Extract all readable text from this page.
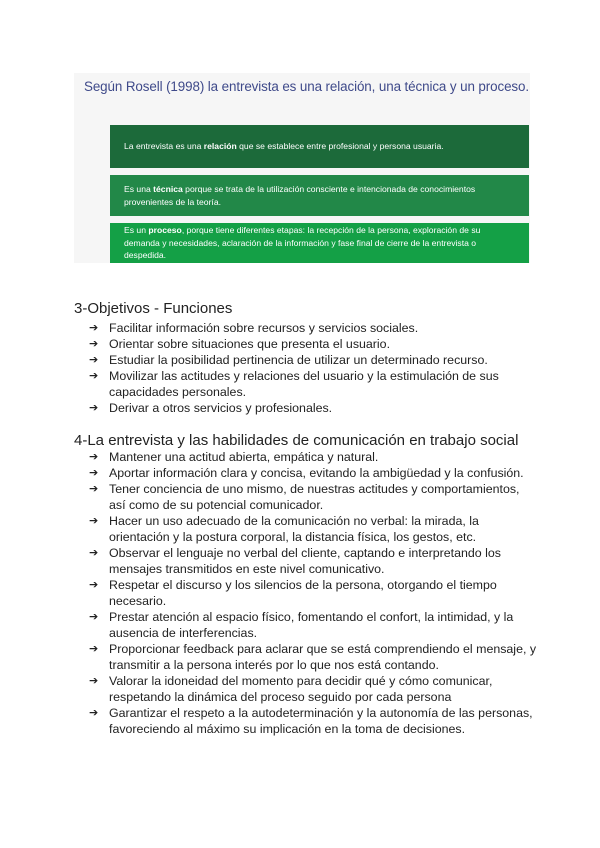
Según Rosell (1998) la entrevista es una relación, una técnica y un proceso.
La entrevista es una relación que se establece entre profesional y persona usuaria.
Es una técnica porque se trata de la utilización consciente e intencionada de conocimientos provenientes de la teoría.
Es un proceso, porque tiene diferentes etapas: la recepción de la persona, exploración de su demanda y necesidades, aclaración de la información y fase final de cierre de la entrevista o despedida.
3-Objetivos - Funciones
➔ Facilitar información sobre recursos y servicios sociales.
➔ Orientar sobre situaciones que presenta el usuario.
➔ Estudiar la posibilidad pertinencia de utilizar un determinado recurso.
➔ Movilizar las actitudes y relaciones del usuario y la estimulación de sus capacidades personales.
➔ Derivar a otros servicios y profesionales.
4-La entrevista y las habilidades de comunicación en trabajo social
➔ Mantener una actitud abierta, empática y natural.
➔ Aportar información clara y concisa, evitando la ambigüedad y la confusión.
➔ Tener conciencia de uno mismo, de nuestras actitudes y comportamientos, así como de su potencial comunicador.
➔ Hacer un uso adecuado de la comunicación no verbal: la mirada, la orientación y la postura corporal, la distancia física, los gestos, etc.
➔ Observar el lenguaje no verbal del cliente, captando e interpretando los mensajes transmitidos en este nivel comunicativo.
➔ Respetar el discurso y los silencios de la persona, otorgando el tiempo necesario.
➔ Prestar atención al espacio físico, fomentando el confort, la intimidad, y la ausencia de interferencias.
➔ Proporcionar feedback para aclarar que se está comprendiendo el mensaje, y transmitir a la persona interés por lo que nos está contando.
➔ Valorar la idoneidad del momento para decidir qué y cómo comunicar, respetando la dinámica del proceso seguido por cada persona
➔ Garantizar el respeto a la autodeterminación y la autonomía de las personas, favoreciendo al máximo su implicación en la toma de decisiones.
